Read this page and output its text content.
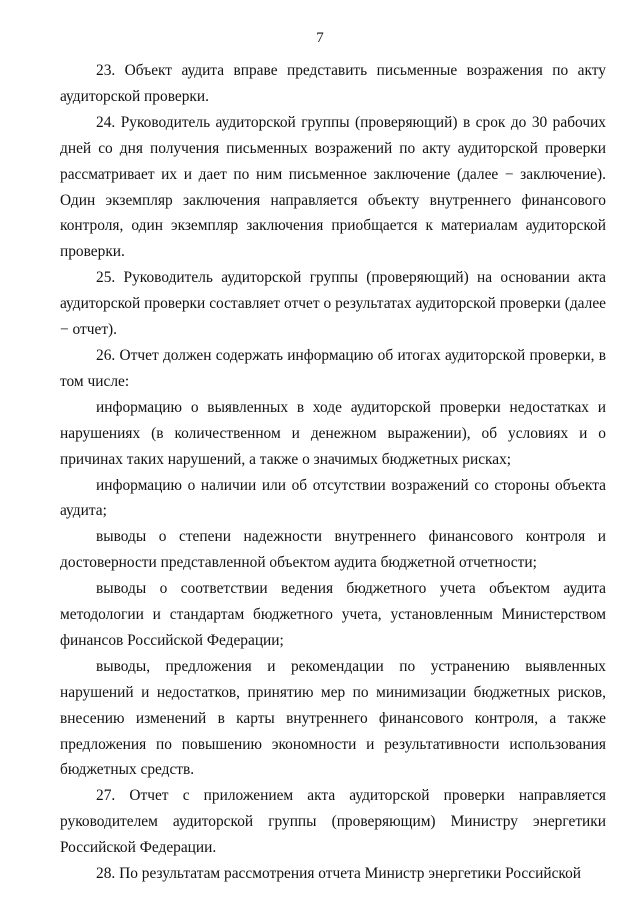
7

23. Объект аудита вправе представить письменные возражения по акту аудиторской проверки.

24. Руководитель аудиторской группы (проверяющий) в срок до 30 рабочих дней со дня получения письменных возражений по акту аудиторской проверки рассматривает их и дает по ним письменное заключение (далее − заключение). Один экземпляр заключения направляется объекту внутреннего финансового контроля, один экземпляр заключения приобщается к материалам аудиторской проверки.

25. Руководитель аудиторской группы (проверяющий) на основании акта аудиторской проверки составляет отчет о результатах аудиторской проверки (далее − отчет).

26. Отчет должен содержать информацию об итогах аудиторской проверки, в том числе:

информацию о выявленных в ходе аудиторской проверки недостатках и нарушениях (в количественном и денежном выражении), об условиях и о причинах таких нарушений, а также о значимых бюджетных рисках;

информацию о наличии или об отсутствии возражений со стороны объекта аудита;

выводы о степени надежности внутреннего финансового контроля и достоверности представленной объектом аудита бюджетной отчетности;

выводы о соответствии ведения бюджетного учета объектом аудита методологии и стандартам бюджетного учета, установленным Министерством финансов Российской Федерации;

выводы, предложения и рекомендации по устранению выявленных нарушений и недостатков, принятию мер по минимизации бюджетных рисков, внесению изменений в карты внутреннего финансового контроля, а также предложения по повышению экономности и результативности использования бюджетных средств.

27. Отчет с приложением акта аудиторской проверки направляется руководителем аудиторской группы (проверяющим) Министру энергетики Российской Федерации.

28. По результатам рассмотрения отчета Министр энергетики Российской
